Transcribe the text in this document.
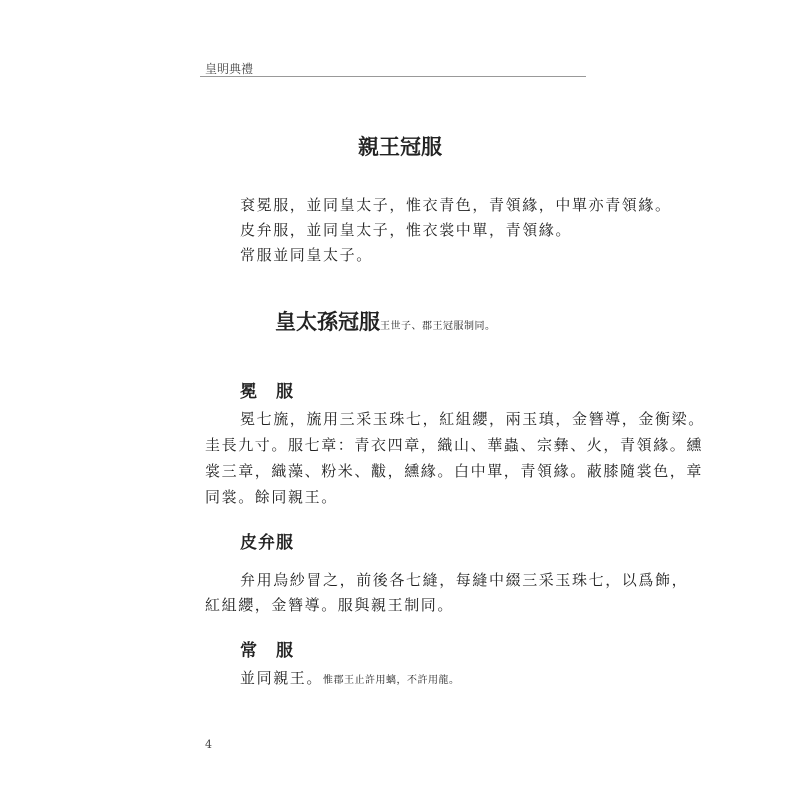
皇明典禮
親王冠服
袞冕服，並同皇太子，惟衣青色，青領緣，中單亦青領緣。
皮弁服，並同皇太子，惟衣裳中單，青領緣。
常服並同皇太子。
皇太孫冠服王世子、郡王冠服制同。
冕　服
冕七旒，旒用三采玉珠七，紅組纓，兩玉瑱，金簪導，金衡梁。
圭長九寸。服七章：青衣四章，織山、華蟲、宗彝、火，青領緣。纁
裳三章，織藻、粉米、黻，纁緣。白中單，青領緣。蔽膝隨裳色，章
同裳。餘同親王。
皮弁服
弁用烏紗冒之，前後各七縫，每縫中綴三采玉珠七，以爲飾，
紅組纓，金簪導。服與親王制同。
常　服
並同親王。惟郡王止許用螭，不許用龍。
4
